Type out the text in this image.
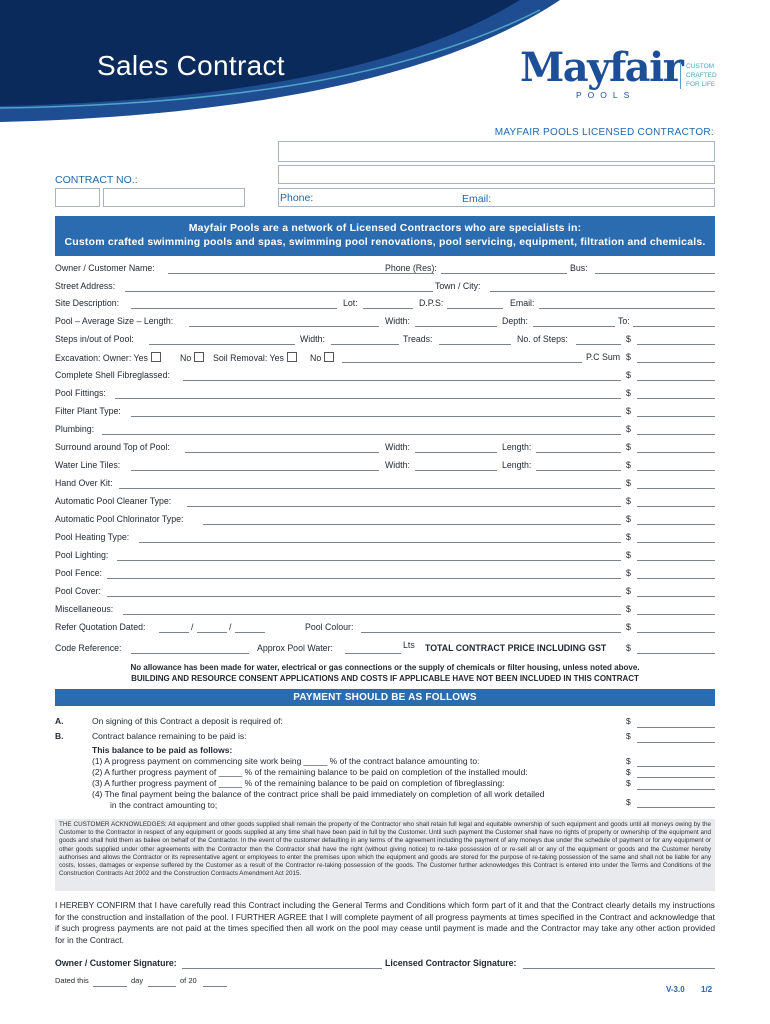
Sales Contract	Mayfair
POOLS
CUSTOM
CRAFTED
FOR LIFE
MAYFAIR POOLS LICENSED CONTRACTOR:
CONTRACT NO.:
Phone:	Email:
Mayfair Pools are a network of Licensed Contractors who are specialists in:
Custom crafted swimming pools and spas, swimming pool renovations, pool servicing, equipment, filtration and chemicals.
Owner / Customer Name:	Phone (Res):	Bus:
Street Address:	Town / City:
Site Description:	Lot:	D.P.S:	Email:
Pool – Average Size – Length:	Width:	Depth:	To:
Steps in/out of Pool:	Width:	Treads:	No. of Steps:	$
Excavation: Owner: Yes	No	Soil Removal: Yes	No	P.C Sum $
Complete Shell Fibreglassed:	$
Pool Fittings:	$
Filter Plant Type:	$
Plumbing:	$
Surround around Top of Pool:	Width:	Length:	$
Water Line Tiles:	Width:	Length:	$
Hand Over Kit:	$
Automatic Pool Cleaner Type:	$
Automatic Pool Chlorinator Type:	$
Pool Heating Type:	$
Pool Lighting:	$
Pool Fence:	$
Pool Cover:	$
Miscellaneous:	$
Refer Quotation Dated:	/	/	Pool Colour:	$
Code Reference:	Approx Pool Water:	Lts TOTAL CONTRACT PRICE INCLUDING GST $
No allowance has been made for water, electrical or gas connections or the supply of chemicals or filter housing, unless noted above.
BUILDING AND RESOURCE CONSENT APPLICATIONS AND COSTS IF APPLICABLE HAVE NOT BEEN INCLUDED IN THIS CONTRACT
PAYMENT SHOULD BE AS FOLLOWS
A.	On signing of this Contract a deposit is required of:	$
B.	Contract balance remaining to be paid is:	$
This balance to be paid as follows:
(1) A progress payment on commencing site work being _____ % of the contract balance amounting to:	$
(2) A further progress payment of _____ % of the remaining balance to be paid on completion of the installed mould:	$
(3) A further progress payment of _____ % of the remaining balance to be paid on completion of fibreglassing:	$
(4) The final payment being the balance of the contract price shall be paid immediately on completion of all work detailed
in the contract amounting to;	$
THE CUSTOMER ACKNOWLEDGES: All equipment and other goods supplied shall remain the property of the Contractor who shall retain full legal and equitable ownership of such equipment and goods until all moneys owing by the Customer to the Contractor in respect of any equipment or goods supplied at any time shall have been paid in full by the Customer. Until such payment the Customer shall have no rights of property or ownership of the equipment and goods and shall hold them as bailee on behalf of the Contractor. In the event of the customer defaulting in any terms of the agreement including the payment of any moneys due under the schedule of payment or for any equipment or other goods supplied under other agreements with the Contractor then the Contractor shall have the right (without giving notice) to re-take possession of or re-sell all or any of the equipment or goods and the Customer hereby authorises and allows the Contractor or its representative agent or employees to enter the premises upon which the equipment and goods are stored for the purpose of re-taking possession of the same and shall not be liable for any costs, losses, damages or expense suffered by the Customer as a result of the Contractor re-taking possession of the goods. The Customer further acknowledges this Contract is entered into under the Terms and Conditions of the Construction Contracts Act 2002 and the Construction Contracts Amendment Act 2015.
I HEREBY CONFIRM that I have carefully read this Contract including the General Terms and Conditions which form part of it and that the Contract clearly details my instructions for the construction and installation of the pool. I FURTHER AGREE that I will complete payment of all progress payments at times specified in the Contract and acknowledge that if such progress payments are not paid at the times specified then all work on the pool may cease until payment is made and the Contractor may take any other action provided for in the Contract.
Owner / Customer Signature:	Licensed Contractor Signature:
Dated this	day	of 20
V-3.0 1/2
